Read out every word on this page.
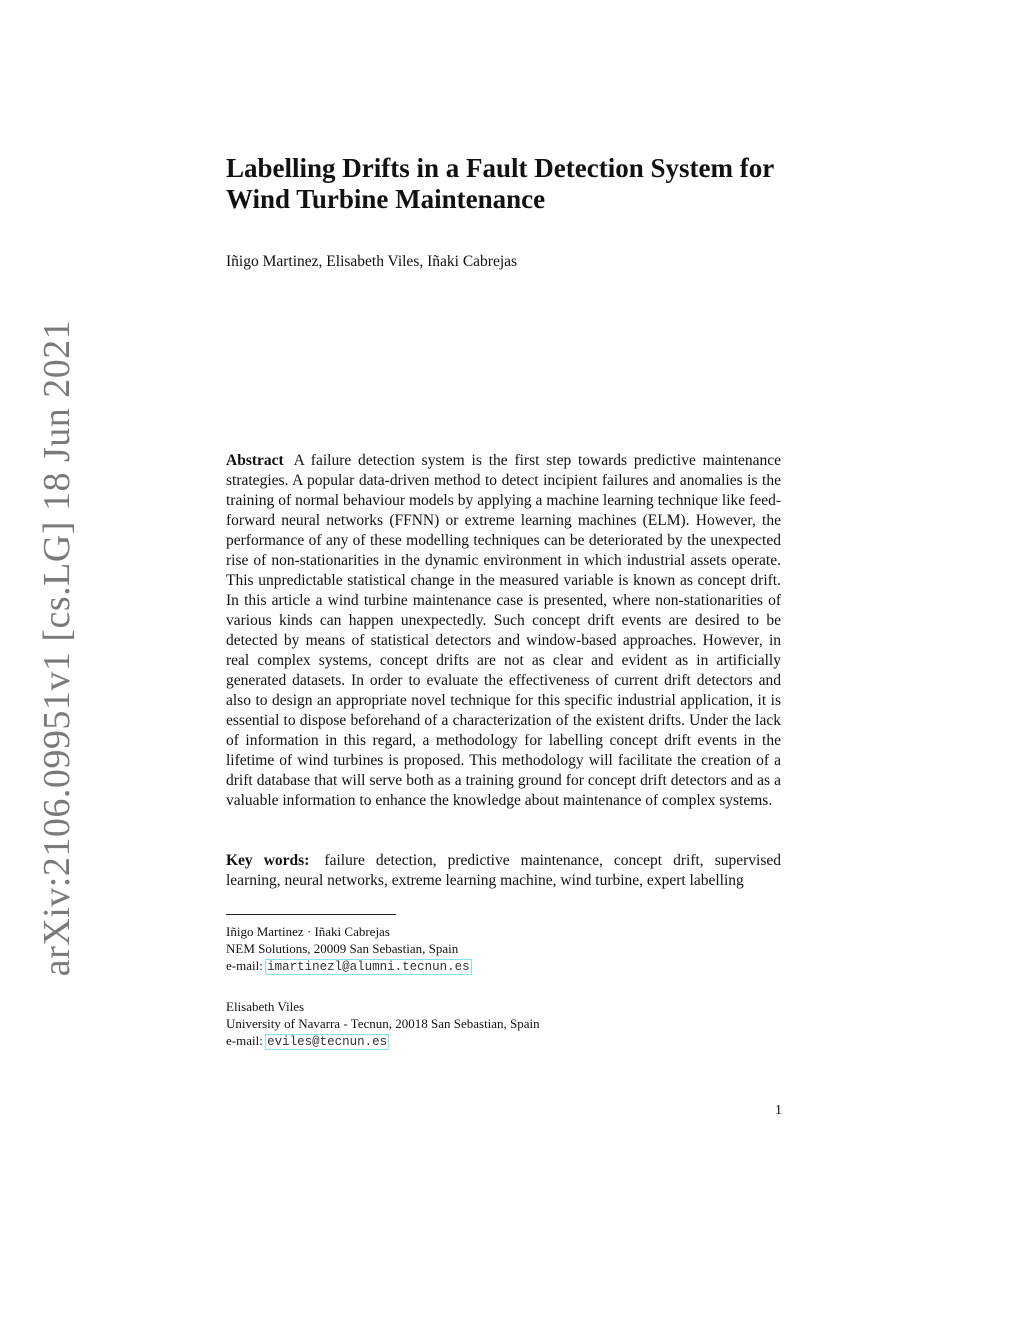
arXiv:2106.09951v1 [cs.LG] 18 Jun 2021
Labelling Drifts in a Fault Detection System for
Wind Turbine Maintenance
Iñigo Martinez, Elisabeth Viles, Iñaki Cabrejas
Abstract A failure detection system is the first step towards predictive maintenance strategies. A popular data-driven method to detect incipient failures and anomalies is the training of normal behaviour models by applying a machine learning technique like feed-forward neural networks (FFNN) or extreme learning machines (ELM). However, the performance of any of these modelling techniques can be deteriorated by the unexpected rise of non-stationarities in the dynamic environment in which industrial assets operate. This unpredictable statistical change in the measured variable is known as concept drift. In this article a wind turbine maintenance case is presented, where non-stationarities of various kinds can happen unexpectedly. Such concept drift events are desired to be detected by means of statistical detectors and window-based approaches. However, in real complex systems, concept drifts are not as clear and evident as in artificially generated datasets. In order to evaluate the effectiveness of current drift detectors and also to design an appropriate novel technique for this specific industrial application, it is essential to dispose beforehand of a characterization of the existent drifts. Under the lack of information in this regard, a methodology for labelling concept drift events in the lifetime of wind turbines is proposed. This methodology will facilitate the creation of a drift database that will serve both as a training ground for concept drift detectors and as a valuable information to enhance the knowledge about maintenance of complex systems.
Key words: failure detection, predictive maintenance, concept drift, supervised learning, neural networks, extreme learning machine, wind turbine, expert labelling
Iñigo Martinez · Iñaki Cabrejas
NEM Solutions, 20009 San Sebastian, Spain
e-mail: imartinezl@alumni.tecnun.es
Elisabeth Viles
University of Navarra - Tecnun, 20018 San Sebastian, Spain
e-mail: eviles@tecnun.es
1
